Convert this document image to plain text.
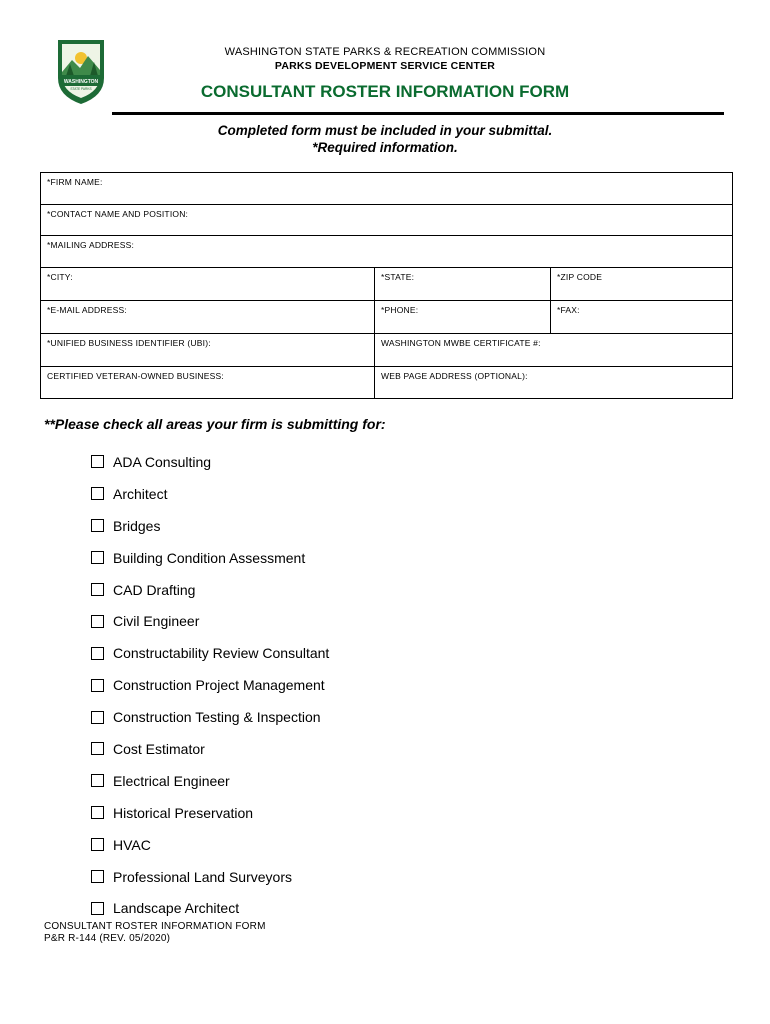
WASHINGTON
STATE PARKS
WASHINGTON STATE PARKS & RECREATION COMMISSION
PARKS DEVELOPMENT SERVICE CENTER
CONSULTANT ROSTER INFORMATION FORM
Completed form must be included in your submittal.
*Required information.
*FIRM NAME:		
*CONTACT NAME AND POSITION:		
*MAILING ADDRESS:		
*CITY:	*STATE:	*ZIP CODE
*E-MAIL ADDRESS:	*PHONE:	*FAX:
*UNIFIED BUSINESS IDENTIFIER (UBI):	WASHINGTON MWBE CERTIFICATE #:	
CERTIFIED VETERAN-OWNED BUSINESS:	WEB PAGE ADDRESS (OPTIONAL):	
**Please check all areas your firm is submitting for:
ADA Consulting
Architect
Bridges
Building Condition Assessment
CAD Drafting
Civil Engineer
Constructability Review Consultant
Construction Project Management
Construction Testing & Inspection
Cost Estimator
Electrical Engineer
Historical Preservation
HVAC
Professional Land Surveyors
Landscape Architect
CONSULTANT ROSTER INFORMATION FORM
P&R R-144 (REV. 05/2020)
